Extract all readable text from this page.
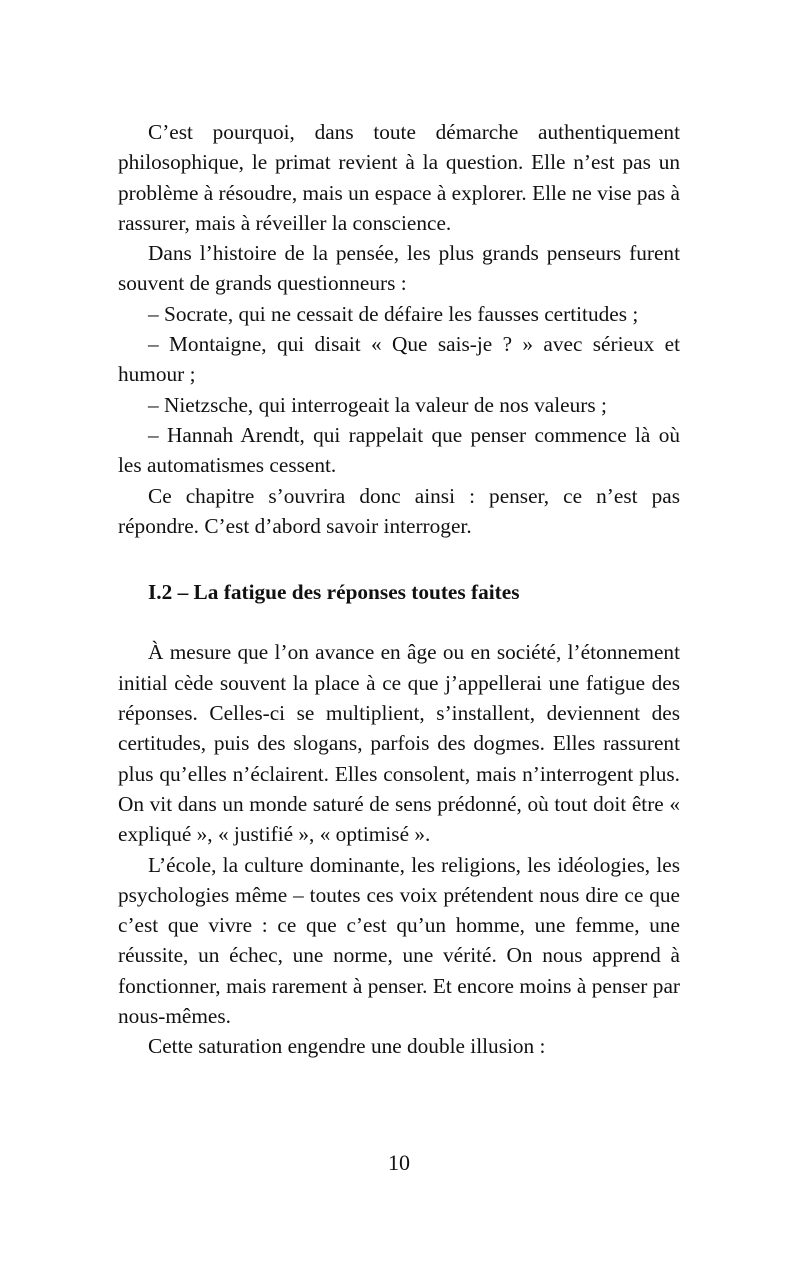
C’est pourquoi, dans toute démarche authentiquement philosophique, le primat revient à la question. Elle n’est pas un problème à résoudre, mais un espace à explorer. Elle ne vise pas à rassurer, mais à réveiller la conscience.

Dans l’histoire de la pensée, les plus grands penseurs furent souvent de grands questionneurs :

– Socrate, qui ne cessait de défaire les fausses certitudes ;

– Montaigne, qui disait « Que sais-je ? » avec sérieux et humour ;

– Nietzsche, qui interrogeait la valeur de nos valeurs ;

– Hannah Arendt, qui rappelait que penser commence là où les automatismes cessent.

Ce chapitre s’ouvrira donc ainsi : penser, ce n’est pas répondre. C’est d’abord savoir interroger.

I.2 – La fatigue des réponses toutes faites

À mesure que l’on avance en âge ou en société, l’étonnement initial cède souvent la place à ce que j’appellerai une fatigue des réponses. Celles-ci se multiplient, s’installent, deviennent des certitudes, puis des slogans, parfois des dogmes. Elles rassurent plus qu’elles n’éclairent. Elles consolent, mais n’interrogent plus. On vit dans un monde saturé de sens prédonné, où tout doit être « expliqué », « justifié », « optimisé ».

L’école, la culture dominante, les religions, les idéologies, les psychologies même – toutes ces voix prétendent nous dire ce que c’est que vivre : ce que c’est qu’un homme, une femme, une réussite, un échec, une norme, une vérité. On nous apprend à fonctionner, mais rarement à penser. Et encore moins à penser par nous-mêmes.

Cette saturation engendre une double illusion :

10
